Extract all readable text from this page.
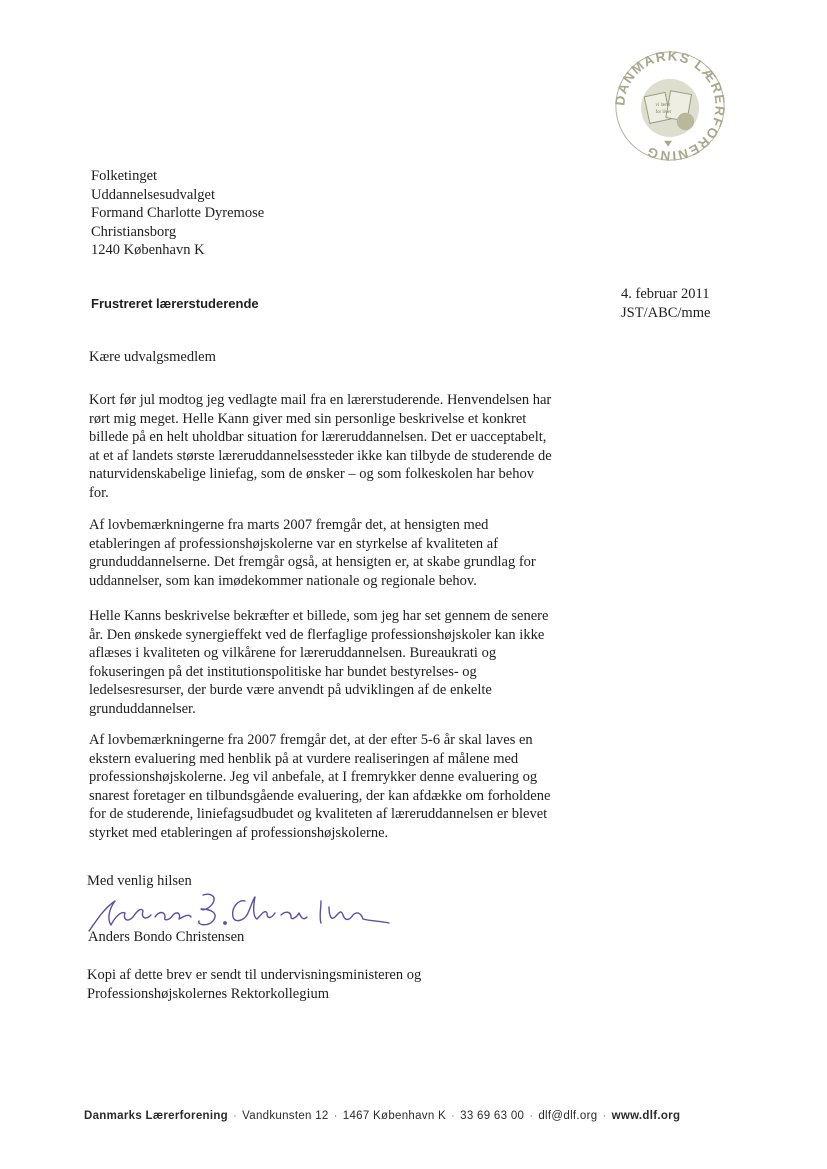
DANMARKS LÆRERFORENING
vi lærer
for livet
Folketinget
Uddannelsesudvalget
Formand Charlotte Dyremose
Christiansborg
1240 København K
4. februar 2011
JST/ABC/mme
Frustreret lærerstuderende
Kære udvalgsmedlem
Kort før jul modtog jeg vedlagte mail fra en lærerstuderende. Henvendelsen har
rørt mig meget. Helle Kann giver med sin personlige beskrivelse et konkret
billede på en helt uholdbar situation for læreruddannelsen. Det er uacceptabelt,
at et af landets største læreruddannelsessteder ikke kan tilbyde de studerende de
naturvidenskabelige liniefag, som de ønsker – og som folkeskolen har behov
for.
Af lovbemærkningerne fra marts 2007 fremgår det, at hensigten med
etableringen af professionshøjskolerne var en styrkelse af kvaliteten af
grunduddannelserne. Det fremgår også, at hensigten er, at skabe grundlag for
uddannelser, som kan imødekommer nationale og regionale behov.
Helle Kanns beskrivelse bekræfter et billede, som jeg har set gennem de senere
år. Den ønskede synergieffekt ved de flerfaglige professionshøjskoler kan ikke
aflæses i kvaliteten og vilkårene for læreruddannelsen. Bureaukrati og
fokuseringen på det institutionspolitiske har bundet bestyrelses- og
ledelsesresurser, der burde være anvendt på udviklingen af de enkelte
grunduddannelser.
Af lovbemærkningerne fra 2007 fremgår det, at der efter 5-6 år skal laves en
ekstern evaluering med henblik på at vurdere realiseringen af målene med
professionshøjskolerne. Jeg vil anbefale, at I fremrykker denne evaluering og
snarest foretager en tilbundsgående evaluering, der kan afdække om forholdene
for de studerende, liniefagsudbudet og kvaliteten af læreruddannelsen er blevet
styrket med etableringen af professionshøjskolerne.
Med venlig hilsen
Anders Bondo Christensen
Kopi af dette brev er sendt til undervisningsministeren og
Professionshøjskolernes Rektorkollegium
Danmarks Lærerforening · Vandkunsten 12 · 1467 København K · 33 69 63 00 · dlf@dlf.org · www.dlf.org
